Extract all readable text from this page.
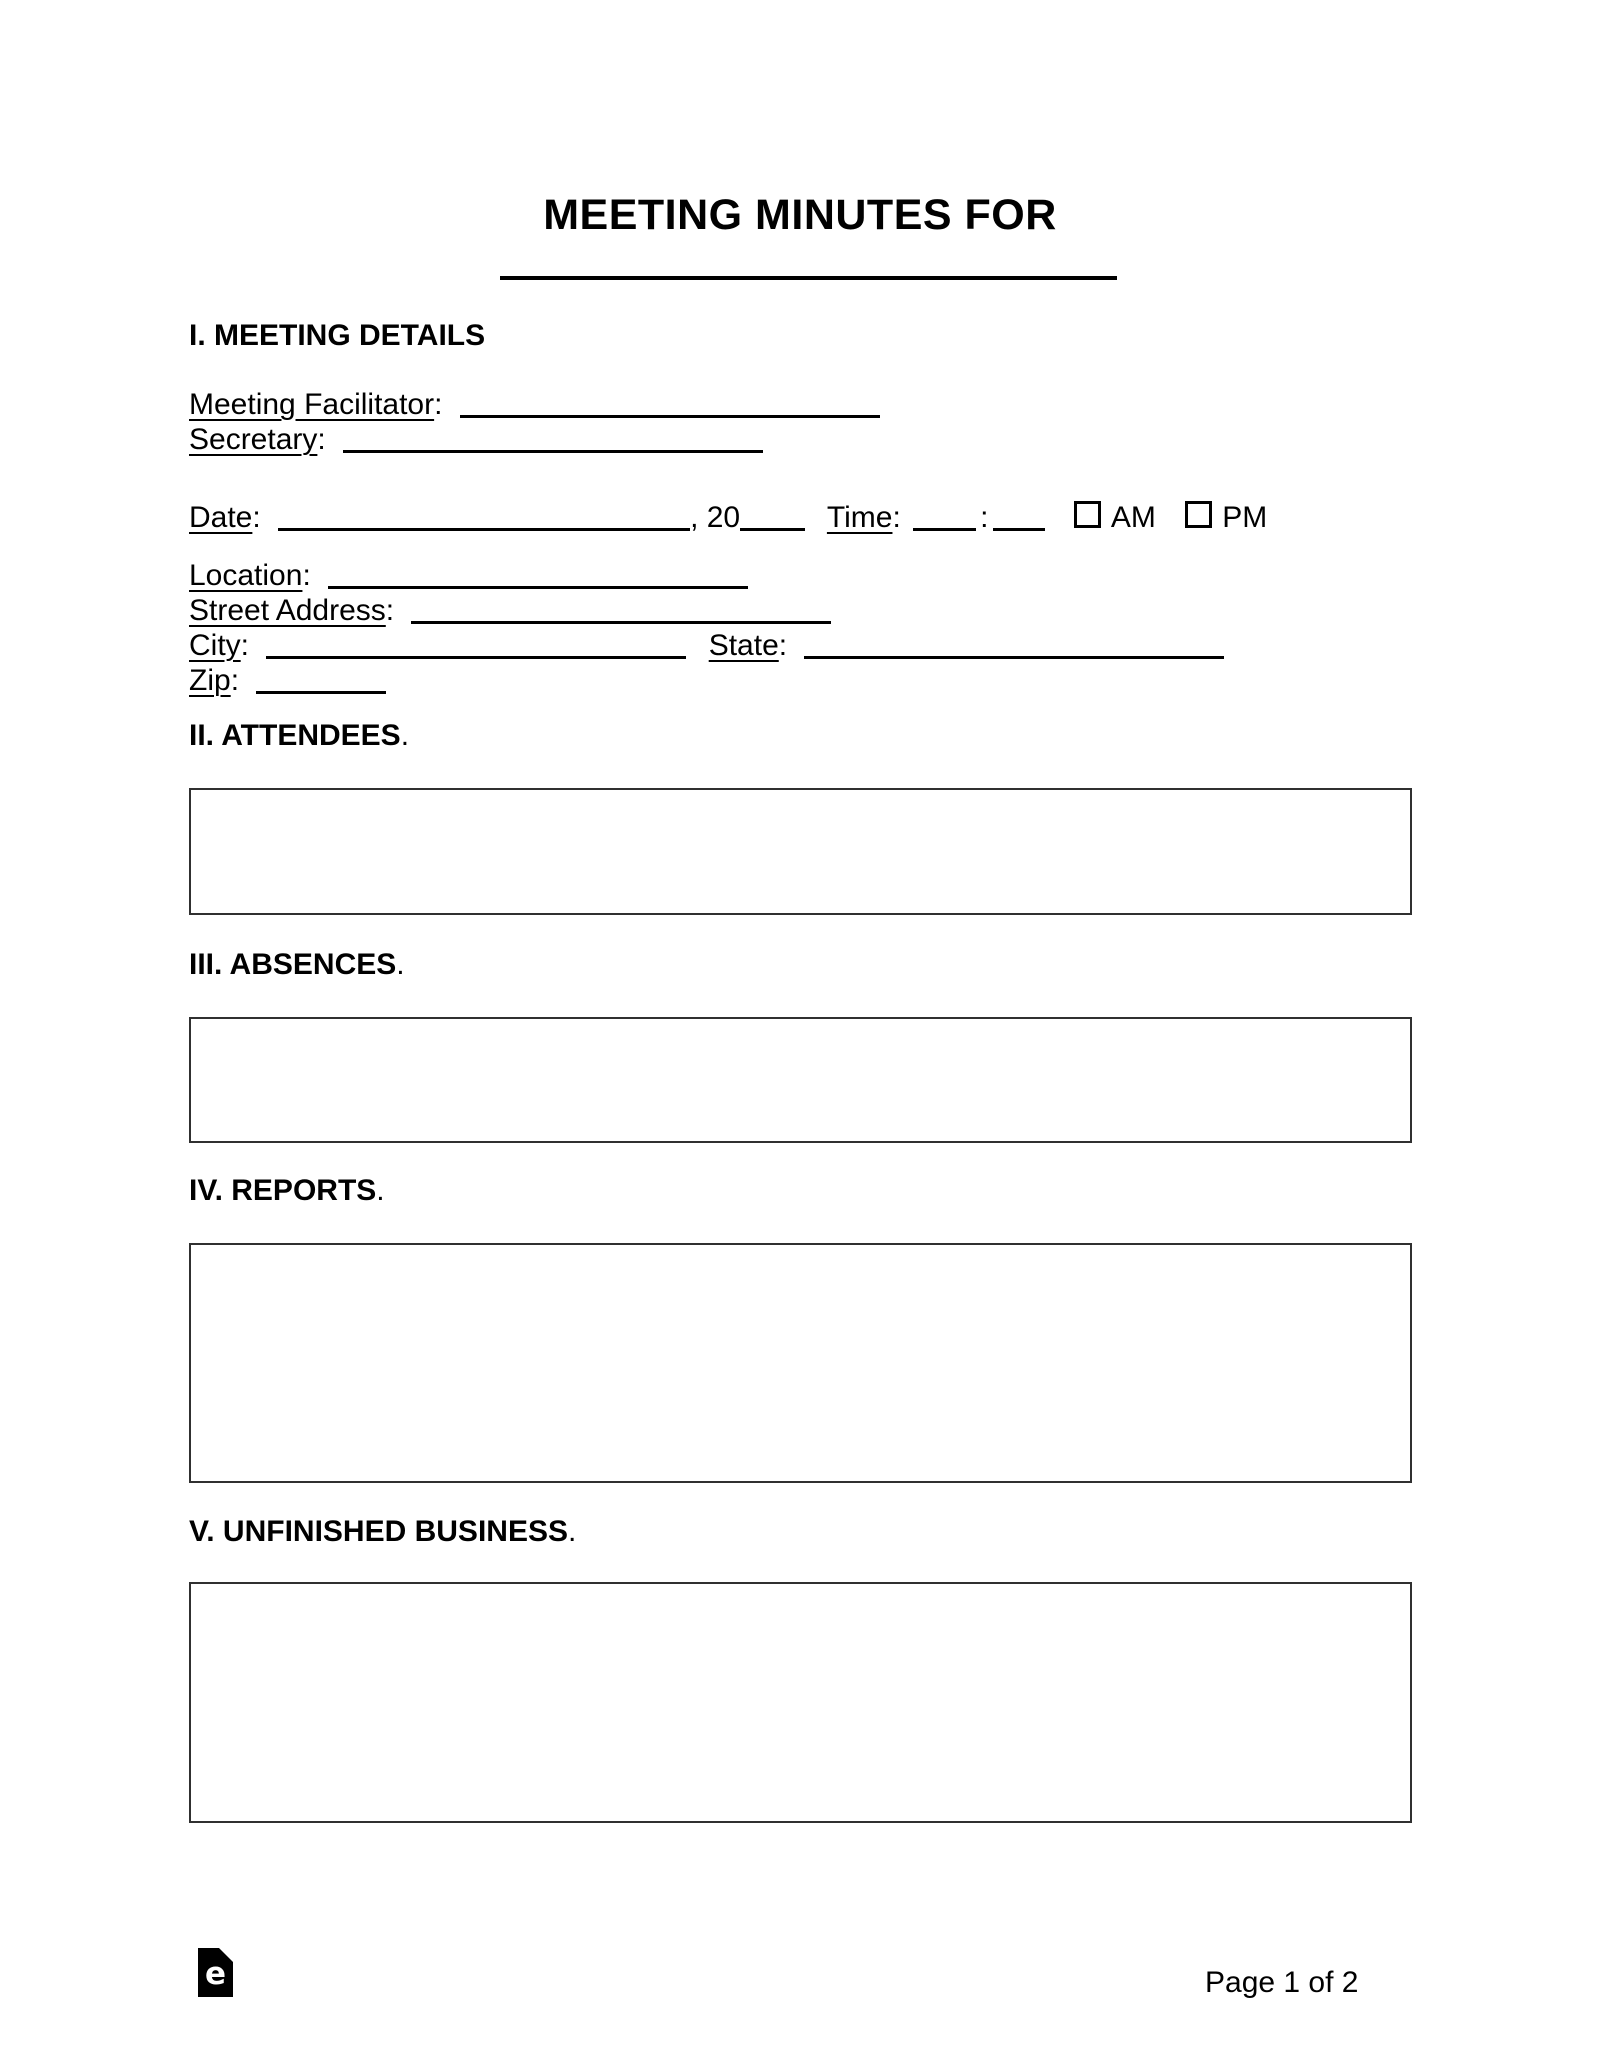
MEETING MINUTES FOR
I. MEETING DETAILS
Meeting Facilitator:
Secretary:
Date:	, 20	Time:	:	AM PM
Location:
Street Address:
City:	State:
Zip:
II. ATTENDEES.
III. ABSENCES.
IV. REPORTS.
V. UNFINISHED BUSINESS.
e	Page 1 of 2
